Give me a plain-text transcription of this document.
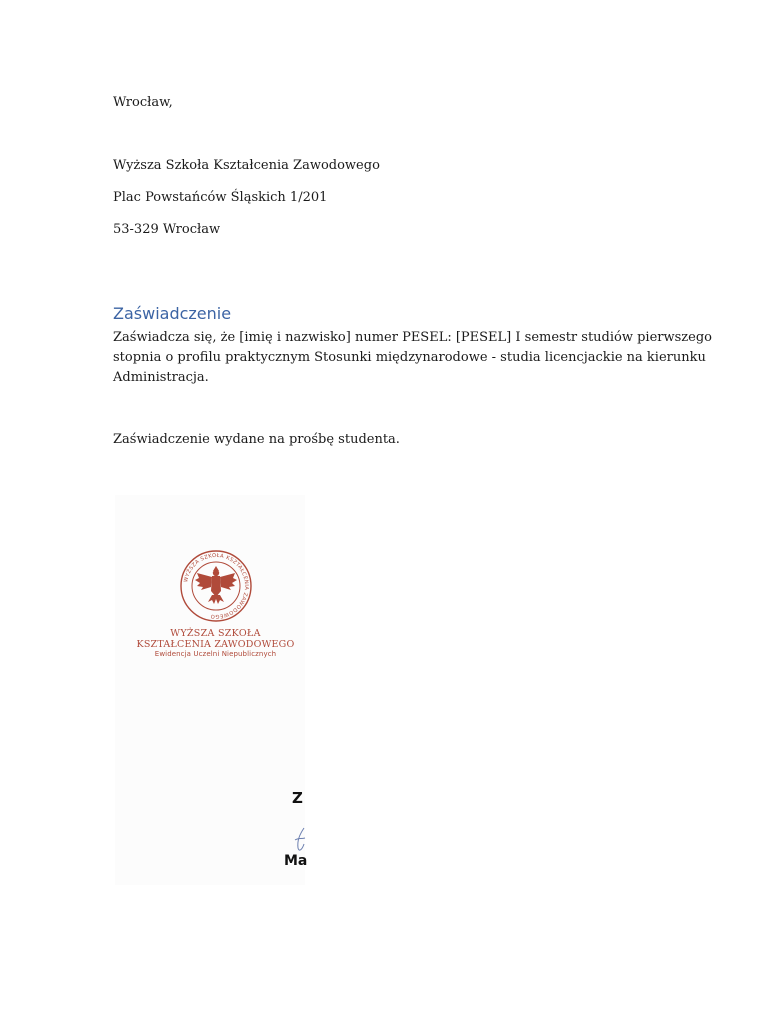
Wrocław,
Wyższa Szkoła Kształcenia Zawodowego
Plac Powstańców Śląskich 1/201
53-329 Wrocław
Zaświadczenie
Zaświadcza się, że [imię i nazwisko] numer PESEL: [PESEL] I semestr studiów pierwszego
stopnia o profilu praktycznym Stosunki międzynarodowe - studia licencjackie na kierunku
Administracja.
Zaświadczenie wydane na prośbę studenta.
WYŻSZA SZKOŁA KSZTAŁCENIA ZAWODOWEGO
WYŻSZA SZKOŁA
KSZTAŁCENIA ZAWODOWEGO
Ewidencja Uczelni Niepublicznych
Z
Ma
